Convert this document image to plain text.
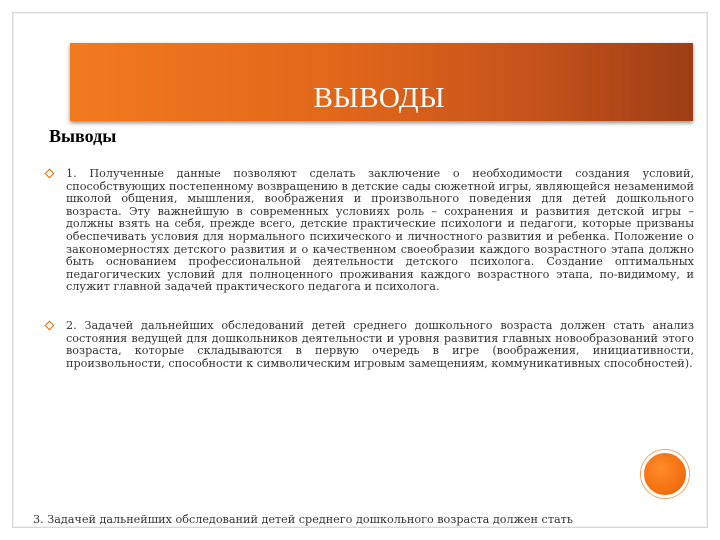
ВЫВОДЫ
Выводы
1. Полученные данные позволяют сделать заключение о необходимости создания условий, способствующих постепенному возвращению в детские сады сюжетной игры, являющейся незаменимой школой общения, мышления, воображения и произвольного поведения для детей дошкольного возраста. Эту важнейшую в современных условиях роль – сохранения и развития детской игры – должны взять на себя, прежде всего, детские практические психологи и педагоги, которые призваны обеспечивать условия для нормального психического и личностного развития и ребенка. Положение о закономерностях детского развития и о качественном своеобразии каждого возрастного этапа должно быть основанием профессиональной деятельности детского психолога. Создание оптимальных педагогических условий для полноценного проживания каждого возрастного этапа, по-видимому, и служит главной задачей практического педагога и психолога.
2. Задачей дальнейших обследований детей среднего дошкольного возраста должен стать анализ состояния ведущей для дошкольников деятельности и уровня развития главных новообразований этого возраста, которые складываются в первую очередь в игре (воображения, инициативности, произвольности, способности к символическим игровым замещениям, коммуникативных способностей).
3. Задачей дальнейших обследований детей среднего дошкольного возраста должен стать
